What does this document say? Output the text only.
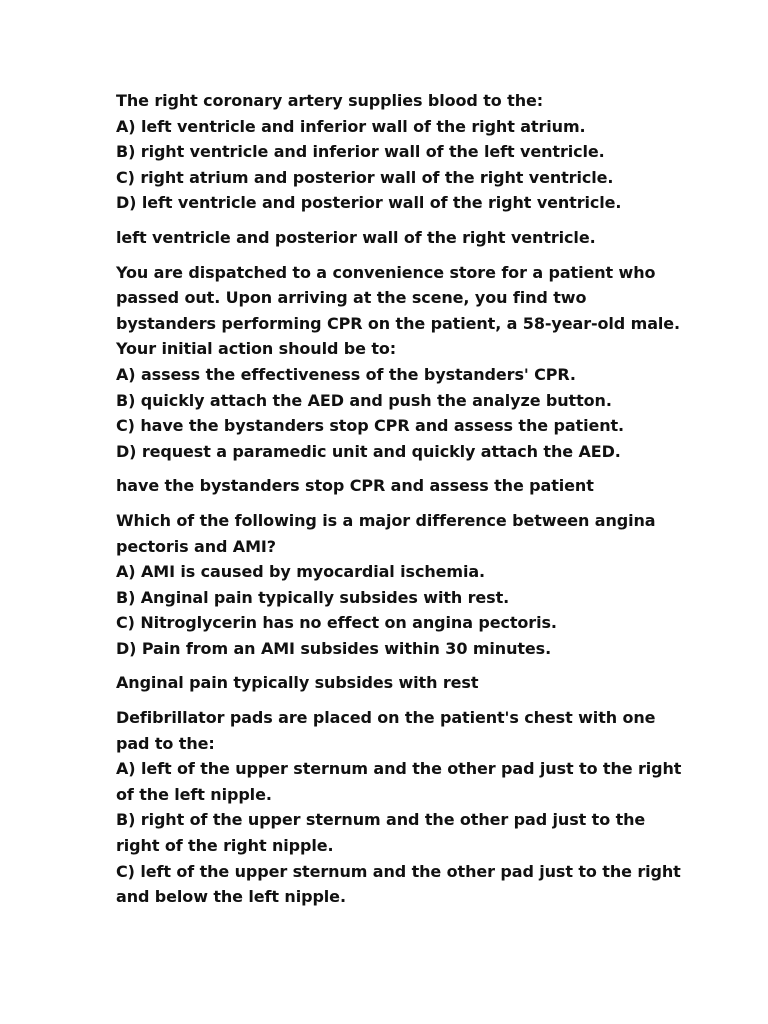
The right coronary artery supplies blood to the:
A) left ventricle and inferior wall of the right atrium.
B) right ventricle and inferior wall of the left ventricle.
C) right atrium and posterior wall of the right ventricle.
D) left ventricle and posterior wall of the right ventricle.
left ventricle and posterior wall of the right ventricle.
You are dispatched to a convenience store for a patient who
passed out. Upon arriving at the scene, you find two
bystanders performing CPR on the patient, a 58-year-old male.
Your initial action should be to:
A) assess the effectiveness of the bystanders' CPR.
B) quickly attach the AED and push the analyze button.
C) have the bystanders stop CPR and assess the patient.
D) request a paramedic unit and quickly attach the AED.
have the bystanders stop CPR and assess the patient
Which of the following is a major difference between angina
pectoris and AMI?
A) AMI is caused by myocardial ischemia.
B) Anginal pain typically subsides with rest.
C) Nitroglycerin has no effect on angina pectoris.
D) Pain from an AMI subsides within 30 minutes.
Anginal pain typically subsides with rest
Defibrillator pads are placed on the patient's chest with one
pad to the:
A) left of the upper sternum and the other pad just to the right
of the left nipple.
B) right of the upper sternum and the other pad just to the
right of the right nipple.
C) left of the upper sternum and the other pad just to the right
and below the left nipple.
